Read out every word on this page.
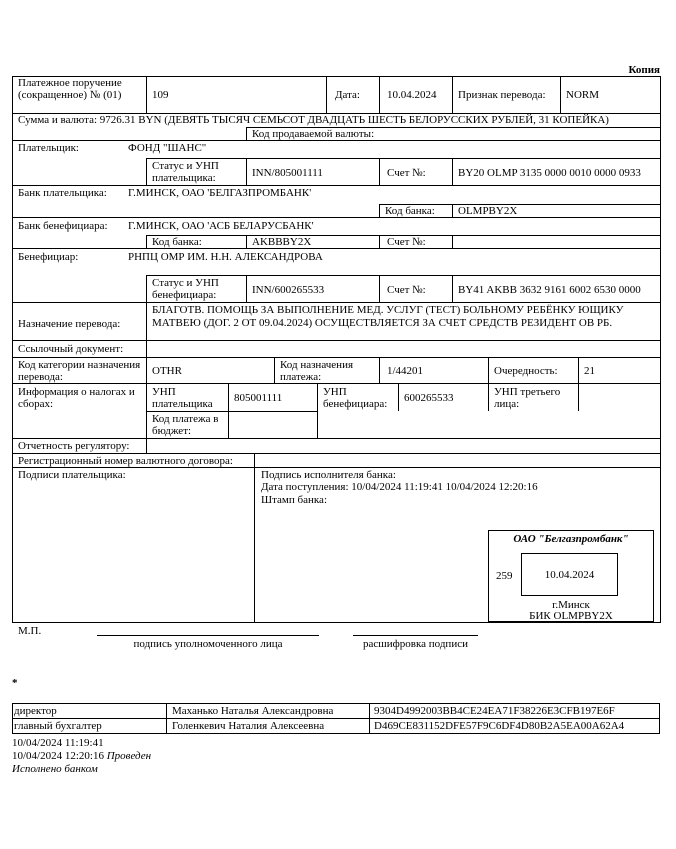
Копия
Платежное поручение (сокращенное) № (01)	109	Дата: 10.04.2024 Признак перевода: NORM
Сумма и валюта: 9726.31 BYN (ДЕВЯТЬ ТЫСЯЧ СЕМЬСОТ ДВАДЦАТЬ ШЕСТЬ БЕЛОРУССКИХ РУБЛЕЙ, 31 КОПЕЙКА)
Код продаваемой валюты:
Плательщик:	ФОНД "ШАНС"
Статус и УНП плательщика:	INN/805001111	Счет №:	BY20 OLMP 3135 0000 0010 0000 0933
Банк плательщика: Г.МИНСК, ОАО 'БЕЛГАЗПРОМБАНК'
Код банка: OLMPBY2X
Банк бенефициара: Г.МИНСК, ОАО 'АСБ БЕЛАРУСБАНК'
Код банка:	AKBBBY2X	Счет №:
Бенефициар:	РНПЦ ОМР ИМ. Н.Н. АЛЕКСАНДРОВА
Статус и УНП бенефициара:	INN/600265533	Счет №:	BY41 AKBB 3632 9161 6002 6530 0000
Назначение перевода:
БЛАГОТВ. ПОМОЩЬ ЗА ВЫПОЛНЕНИЕ МЕД. УСЛУГ (ТЕСТ) БОЛЬНОМУ РЕБЁНКУ ЮЩИКУ МАТВЕЮ (ДОГ. 2 ОТ 09.04.2024) ОСУЩЕСТВЛЯЕТСЯ ЗА СЧЕТ СРЕДСТВ РЕЗИДЕНТ ОВ РБ.
Ссылочный документ:
Код категории назначения перевода:	OTHR	Код назначения платежа:	1/44201	Очередность: 21
Информация о налогах и сборах:
УНП плательщика	805001111	УНП бенефициара:	600265533	УНП третьего лица:
Код платежа в бюджет:
Отчетность регулятору:
Регистрационный номер валютного договора:
Подписи плательщика:	Подпись исполнителя банка:
Дата поступления: 10/04/2024 11:19:41 10/04/2024 12:20:16
Штамп банка:
ОАО "Белгазпромбанк"
259	10.04.2024
г.Минск
БИК OLMPBY2X
М.П.
подпись уполномоченного лица	расшифровка подписи
*
директор	Маханько Наталья Александровна	9304D4992003BB4CE24EA71F38226E3CFB197E6F
главный бухгалтер	Голенкевич Наталия Алексеевна	D469CE831152DFE57F9C6DF4D80B2A5EA00A62A4
10/04/2024 11:19:41
10/04/2024 12:20:16 Проведен
Исполнено банком
